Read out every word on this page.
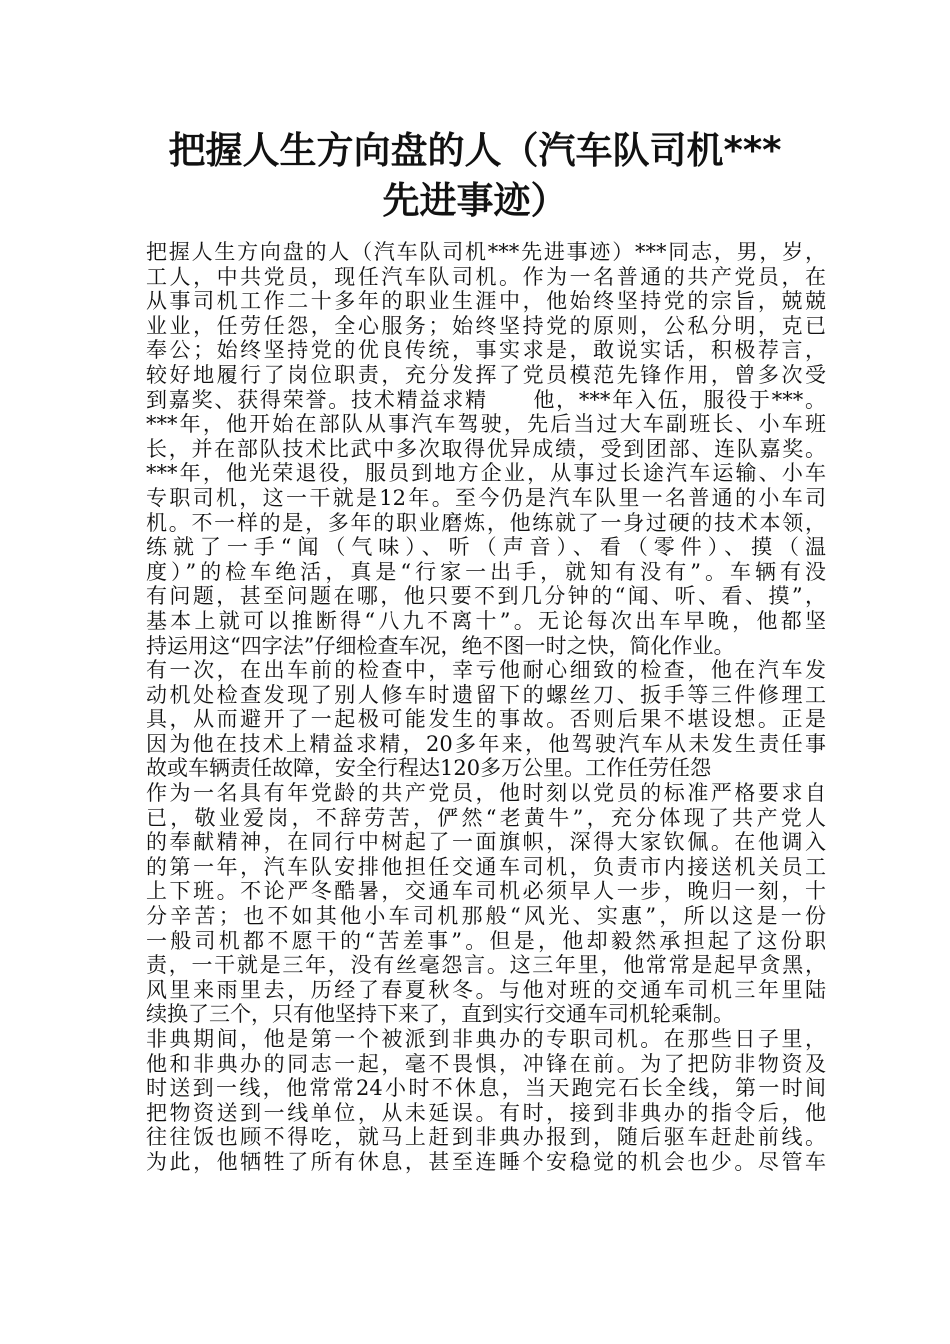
把握人生方向盘的人（汽车队司机***
先进事迹）
把握人生方向盘的人（汽车队司机***先进事迹）***同志，男，岁，
工人，中共党员，现任汽车队司机。作为一名普通的共产党员，在
从事司机工作二十多年的职业生涯中，他始终坚持党的宗旨，兢兢
业业，任劳任怨，全心服务；始终坚持党的原则，公私分明，克已
奉公；始终坚持党的优良传统，事实求是，敢说实话，积极荐言，
较好地履行了岗位职责，充分发挥了党员模范先锋作用，曾多次受
到嘉奖、获得荣誉。技术精益求精　　他，***年入伍，服役于***。
***年，他开始在部队从事汽车驾驶，先后当过大车副班长、小车班
长，并在部队技术比武中多次取得优异成绩，受到团部、连队嘉奖。
***年，他光荣退役，服员到地方企业，从事过长途汽车运输、小车
专职司机，这一干就是12年。至今仍是汽车队里一名普通的小车司
机。不一样的是，多年的职业磨炼，他练就了一身过硬的技术本领，
练就了一手“闻（气味）、听（声音）、看（零件）、摸（温
度）”的检车绝活，真是“行家一出手，就知有没有”。车辆有没
有问题，甚至问题在哪，他只要不到几分钟的“闻、听、看、摸”，
基本上就可以推断得“八九不离十”。无论每次出车早晚，他都坚
持运用这“四字法”仔细检查车况，绝不图一时之快，简化作业。
有一次，在出车前的检查中，幸亏他耐心细致的检查，他在汽车发
动机处检查发现了别人修车时遗留下的螺丝刀、扳手等三件修理工
具，从而避开了一起极可能发生的事故。否则后果不堪设想。正是
因为他在技术上精益求精，20多年来，他驾驶汽车从未发生责任事
故或车辆责任故障，安全行程达120多万公里。工作任劳任怨
作为一名具有年党龄的共产党员，他时刻以党员的标准严格要求自
已，敬业爱岗，不辞劳苦，俨然“老黄牛”，充分体现了共产党人
的奉献精神，在同行中树起了一面旗帜，深得大家钦佩。在他调入
的第一年，汽车队安排他担任交通车司机，负责市内接送机关员工
上下班。不论严冬酷暑，交通车司机必须早人一步，晚归一刻，十
分辛苦；也不如其他小车司机那般“风光、实惠”，所以这是一份
一般司机都不愿干的“苦差事”。但是，他却毅然承担起了这份职
责，一干就是三年，没有丝毫怨言。这三年里，他常常是起早贪黑，
风里来雨里去，历经了春夏秋冬。与他对班的交通车司机三年里陆
续换了三个，只有他坚持下来了，直到实行交通车司机轮乘制。
非典期间，他是第一个被派到非典办的专职司机。在那些日子里，
他和非典办的同志一起，毫不畏惧，冲锋在前。为了把防非物资及
时送到一线，他常常24小时不休息，当天跑完石长全线，第一时间
把物资送到一线单位，从未延误。有时，接到非典办的指令后，他
往往饭也顾不得吃，就马上赶到非典办报到，随后驱车赶赴前线。
为此，他牺牲了所有休息，甚至连睡个安稳觉的机会也少。尽管车
